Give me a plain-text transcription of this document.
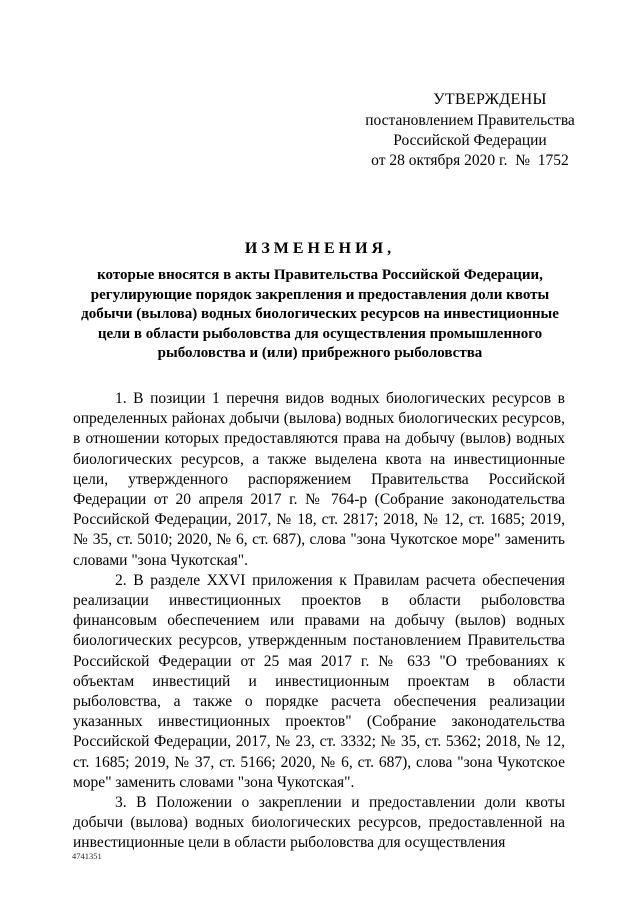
УТВЕРЖДЕНЫ
постановлением Правительства
Российской Федерации
от 28 октября 2020 г.  №  1752
ИЗМЕНЕНИЯ,
которые вносятся в акты Правительства Российской Федерации, регулирующие порядок закрепления и предоставления доли квоты добычи (вылова) водных биологических ресурсов на инвестиционные цели в области рыболовства для осуществления промышленного рыболовства и (или) прибрежного рыболовства

1. В позиции 1 перечня видов водных биологических ресурсов в определенных районах добычи (вылова) водных биологических ресурсов, в отношении которых предоставляются права на добычу (вылов) водных биологических ресурсов, а также выделена квота на инвестиционные цели, утвержденного распоряжением Правительства Российской Федерации от 20 апреля 2017 г. № 764-р (Собрание законодательства Российской Федерации, 2017, № 18, ст. 2817; 2018, № 12, ст. 1685; 2019, № 35, ст. 5010; 2020, № 6, ст. 687), слова "зона Чукотское море" заменить словами "зона Чукотская".

2. В разделе XXVI приложения к Правилам расчета обеспечения реализации инвестиционных проектов в области рыболовства финансовым обеспечением или правами на добычу (вылов) водных биологических ресурсов, утвержденным постановлением Правительства Российской Федерации от 25 мая 2017 г. № 633 "О требованиях к объектам инвестиций и инвестиционным проектам в области рыболовства, а также о порядке расчета обеспечения реализации указанных инвестиционных проектов" (Собрание законодательства Российской Федерации, 2017, № 23, ст. 3332; № 35, ст. 5362; 2018, № 12, ст. 1685; 2019, № 37, ст. 5166; 2020, № 6, ст. 687), слова "зона Чукотское море" заменить словами "зона Чукотская".

3. В Положении о закреплении и предоставлении доли квоты добычи (вылова) водных биологических ресурсов, предоставленной на инвестиционные цели в области рыболовства для осуществления

4741351
